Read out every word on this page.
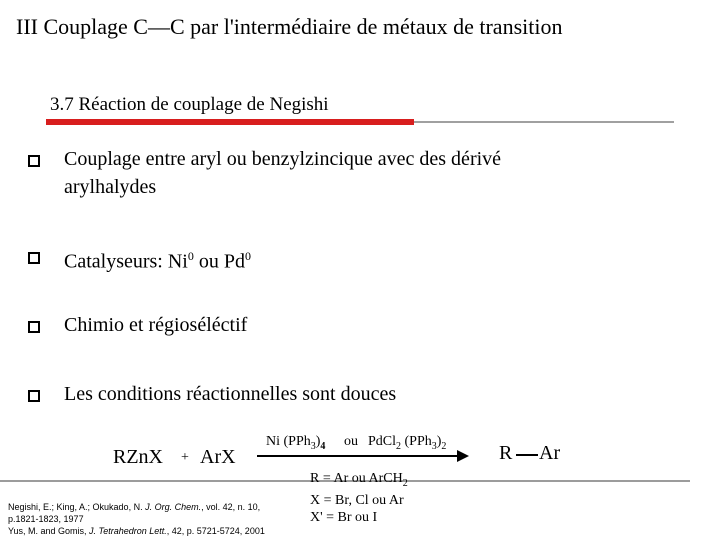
III Couplage C—C par l'intermédiaire de métaux de transition
3.7 Réaction de couplage de Negishi
Couplage entre aryl ou benzylzincique avec des dérivé
arylhalydes
Catalyseurs: Ni$^0$ ou Pd$^0$
Chimio et régioséléctif
Les conditions réactionnelles sont douces
RZnX + ArX
Ni $(PPh_3)_4$ ou PdCl$_2$ $(PPh_3)_2$	R Ar
Negishi, E.; King, A.; Okukado, N. J. Org. Chem., vol. 42, n. 10,
p.1821-1823, 1977
Yus, M. and Gomis, J. Tetrahedron Lett., 42, p. 5721-5724, 2001
R = Ar ou ArCH$_2$
X = Br, Cl ou Ar
X' = Br ou I
